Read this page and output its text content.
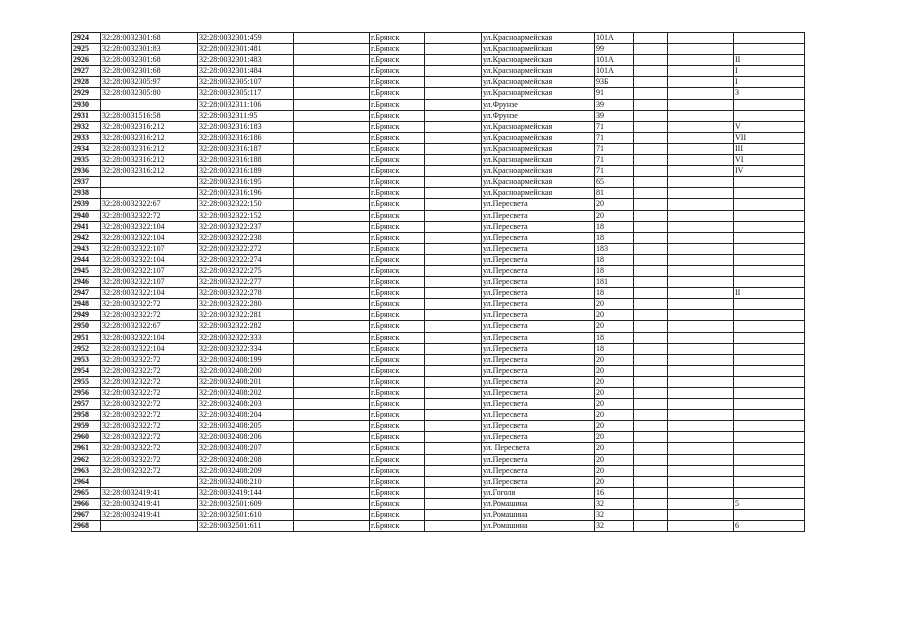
2924	32:28:0032301:68	32:28:0032301:459		г.Брянск		ул.Красноармейская	101А			
2925	32:28:0032301:83	32:28:0032301:481		г.Брянск		ул.Красноармейская	99			
2926	32:28:0032301:68	32:28:0032301:483		г.Брянск		ул.Красноармейская	101А			II
2927	32:28:0032301:68	32:28:0032301:484		г.Брянск		ул.Красноармейская	101А			I
2928	32:28:0032305:97	32:28:0032305:107		г.Брянск		ул.Красноармейская	93Б			I
2929	32:28:0032305:80	32:28:0032305:117		г.Брянск		ул.Красноармейская	91			3
2930		32:28:0032311:106		г.Брянск		ул.Фрунзе	39			
2931	32:28:0031516:58	32:28:0032311:95		г.Брянск		ул.Фрунзе	39			
2932	32:28:0032316:212	32:28:0032316:183		г.Брянск		ул.Красноармейская	71			V
2933	32:28:0032316:212	32:28:0032316:186		г.Брянск		ул.Красноармейская	71			VII
2934	32:28:0032316:212	32:28:0032316:187		г.Брянск		ул.Красноармейская	71			III
2935	32:28:0032316:212	32:28:0032316:188		г.Брянск		ул.Красноармейская	71			VI
2936	32:28:0032316:212	32:28:0032316:189		г.Брянск		ул.Красноармейская	71			IV
2937		32:28:0032316:195		г.Брянск		ул.Красноармейская	65			
2938		32:28:0032316:196		г.Брянск		ул.Красноармейская	81			
2939	32:28:0032322:67	32:28:0032322:150		г.Брянск		ул.Пересвета	20			
2940	32:28:0032322:72	32:28:0032322:152		г.Брянск		ул.Пересвета	20			
2941	32:28:0032322:104	32:28:0032322:237		г.Брянск		ул.Пересвета	18			
2942	32:28:0032322:104	32:28:0032322:238		г.Брянск		ул.Пересвета	18			
2943	32:28:0032322:107	32:28:0032322:272		г.Брянск		ул.Пересвета	183			
2944	32:28:0032322:104	32:28:0032322:274		г.Брянск		ул.Пересвета	18			
2945	32:28:0032322:107	32:28:0032322:275		г.Брянск		ул.Пересвета	18			
2946	32:28:0032322:107	32:28:0032322:277		г.Брянск		ул.Пересвета	181			
2947	32:28:0032322:104	32:28:0032322:278		г.Брянск		ул.Пересвета	18			II
2948	32:28:0032322:72	32:28:0032322:280		г.Брянск		ул.Пересвета	20			
2949	32:28:0032322:72	32:28:0032322:281		г.Брянск		ул.Пересвета	20			
2950	32:28:0032322:67	32:28:0032322:282		г.Брянск		ул.Пересвета	20			
2951	32:28:0032322:104	32:28:0032322:333		г.Брянск		ул.Пересвета	18			
2952	32:28:0032322:104	32:28:0032322:334		г.Брянск		ул.Пересвета	18			
2953	32:28:0032322:72	32:28:0032408:199		г.Брянск		ул.Пересвета	20			
2954	32:28:0032322:72	32:28:0032408:200		г.Брянск		ул.Пересвета	20			
2955	32:28:0032322:72	32:28:0032408:201		г.Брянск		ул.Пересвета	20			
2956	32:28:0032322:72	32:28:0032408:202		г.Брянск		ул.Пересвета	20			
2957	32:28:0032322:72	32:28:0032408:203		г.Брянск		ул.Пересвета	20			
2958	32:28:0032322:72	32:28:0032408:204		г.Брянск		ул.Пересвета	20			
2959	32:28:0032322:72	32:28:0032408:205		г.Брянск		ул.Пересвета	20			
2960	32:28:0032322:72	32:28:0032408:206		г.Брянск		ул.Пересвета	20			
2961	32:28:0032322:72	32:28:0032408:207		г.Брянск		ул. Пересвета	20			
2962	32:28:0032322:72	32:28:0032408:208		г.Брянск		ул.Пересвета	20			
2963	32:28:0032322:72	32:28:0032408:209		г.Брянск		ул.Пересвета	20			
2964		32:28:0032408:210		г.Брянск		ул.Пересвета	20			
2965	32:28:0032419:41	32:28:0032419:144		г.Брянск		ул.Гоголя	16			
2966	32:28:0032419:41	32:28:0032501:609		г.Брянск		ул.Ромашина	32			5
2967	32:28:0032419:41	32:28:0032501:610		г.Брянск		ул.Ромашина	32			
2968		32:28:0032501:611		г.Брянск		ул.Ромашина	32			6
